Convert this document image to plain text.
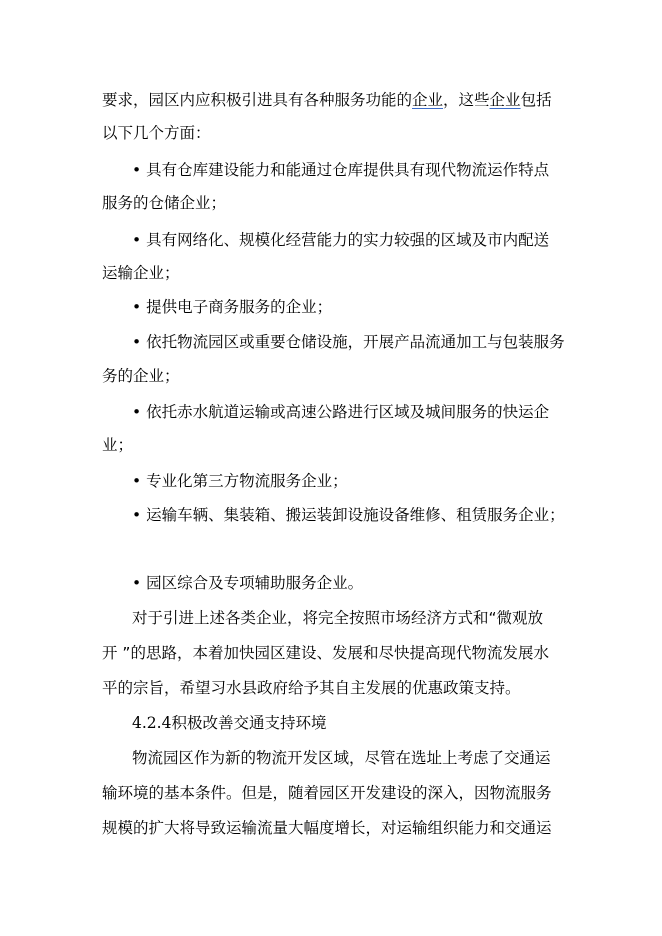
要求，园区内应积极引进具有各种服务功能的企业，这些企业包括

以下几个方面：

• 具有仓库建设能力和能通过仓库提供具有现代物流运作特点

服务的仓储企业；

• 具有网络化、规模化经营能力的实力较强的区域及市内配送

运输企业；

• 提供电子商务服务的企业；

• 依托物流园区或重要仓储设施，开展产品流通加工与包装服务

务的企业；

• 依托赤水航道运输或高速公路进行区域及城间服务的快运企

业；

• 专业化第三方物流服务企业；

• 运输车辆、集装箱、搬运装卸设施设备维修、租赁服务企业；

• 园区综合及专项辅助服务企业。

对于引进上述各类企业，将完全按照市场经济方式和“微观放

开 ”的思路，本着加快园区建设、发展和尽快提高现代物流发展水

平的宗旨，希望习水县政府给予其自主发展的优惠政策支持。

4.2.4积极改善交通支持环境

物流园区作为新的物流开发区域，尽管在选址上考虑了交通运

输环境的基本条件。但是，随着园区开发建设的深入，因物流服务

规模的扩大将导致运输流量大幅度增长，对运输组织能力和交通运
